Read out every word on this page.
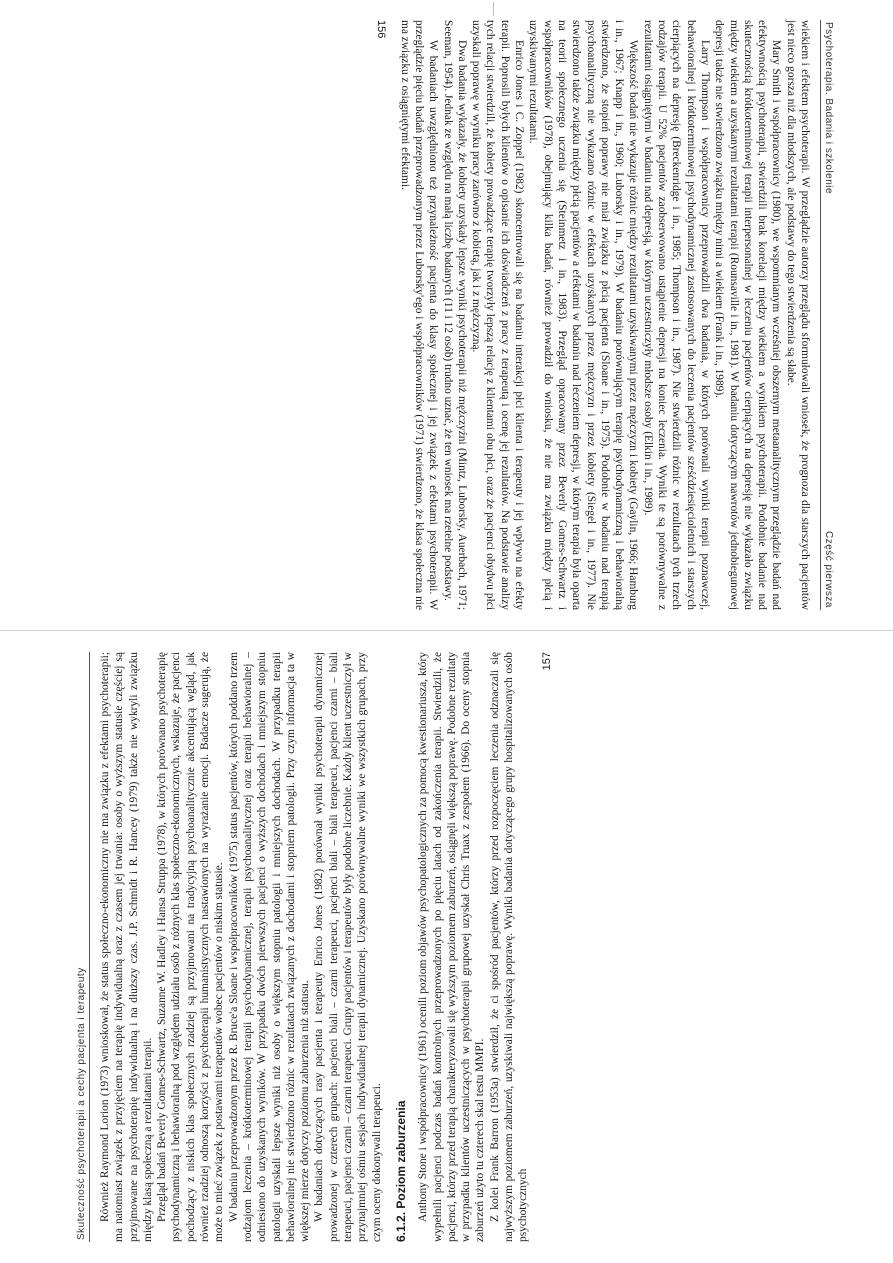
Psychoterapia. Badania i szkolenie
Część pierwsza

wiekiem i efektem psychoterapii. W przeglądzie autorzy przeglądu sformułowali wniosek, że prognoza dla starszych pacjentów jest nieco gorsza niż dla młodszych, ale podstawy do tego stwierdzenia są słabe.

Mary Smith i współpracownicy (1980), we wspomnianym wcześniej obszernym metaanalitycznym przeglądzie badań nad efektywnością psychoterapii, stwierdzili brak korelacji między wiekiem a wynikiem psychoterapii. Podobnie badanie nad skutecznością krótkoterminowej terapii interpersonalnej w leczeniu pacjentów cierpiących na depresję nie wykazało związku między wiekiem a uzyskanymi rezultatami terapii (Rounsaville i in., 1981). W badaniu dotyczącym nawrotów jednobiegunowej depresji także nie stwierdzono związku między nimi a wiekiem (Frank i in., 1989).

Larry Thompson i współpracownicy przeprowadzili dwa badania, w których porównali wyniki terapii poznawczej, behawioralnej i krótkoterminowej psychodynamicznej zastosowanych do leczenia pacjentów sześćdziesięcioletnich i starszych cierpiących na depresję (Breckenridge i in., 1985; Thompson i in., 1987). Nie stwierdzili różnic w rezultatach tych trzech rodzajów terapii. U 52% pacjentów zaobserwowano ustąpienie depresji na koniec leczenia. Wyniki te są porównywalne z rezultatami osiągniętymi w badaniu nad depresją, w którym uczestniczyły młodsze osoby (Elkin i in., 1989).

Większość badań nie wykazuje różnic między rezultatami uzyskiwanymi przez mężczyzn i kobiety (Gaylin, 1966; Hamburg i in., 1967; Knapp i in., 1960; Luborsky i in., 1979). W badaniu porównującym terapię psychodynamiczną i behawioralną stwierdzono, że stopień poprawy nie miał związku z płcią pacjenta (Sloane i in., 1975). Podobnie w badaniu nad terapią psychoanalityczną nie wykazano różnic w efektach uzyskanych przez mężczyzn i przez kobiety (Siegel i in., 1977). Nie stwierdzono także związku między płcią pacjentów a efektami w badaniu nad leczeniem depresji, w którym terapia była oparta na teorii społecznego uczenia się (Steinmetz i in., 1983). Przegląd opracowany przez Beverly Gomes-Schwartz i współpracowników (1978), obejmujący kilka badań, również prowadził do wniosku, że nie ma związku między płcią i uzyskiwanymi rezultatami.

Enrico Jones i C. Zoppel (1982) skoncentrowali się na badaniu interakcji płci klienta i terapeuty i jej wpływu na efekty terapii. Poprosili byłych klientów o opisanie ich doświadczeń z pracy z terapeutą i ocenę jej rezultatów. Na podstawie analizy tych relacji stwierdzili, że kobiety prowadzące terapię tworzyły lepszą relację z klientami obu płci, oraz że pacjenci obydwu płci uzyskali poprawę w wyniku pracy zarówno z kobietą, jak i z mężczyzną.

Dwa badania wykazały, że kobiety uzyskały lepsze wyniki psychoterapii niż mężczyźni (Mintz, Luborsky, Auerbach, 1971; Seeman, 1954). Jednak ze względu na małą liczbę badanych (11 i 12 osób) trudno uznać, że ten wniosek ma rzetelne podstawy.

W badaniach uwzględniono też przynależność pacjenta do klasy społecznej i jej związek z efektami psychoterapii. W przeglądzie pięciu badań przeprowadzonym przez Luborsky'ego i współpracowników (1971) stwierdzono, że klasa społeczna nie ma związku z osiągniętymi efektami.

156
Skuteczność psychoterapii a cechy pacjenta i terapeuty Również Raymond Lorion (1973) wnioskował, że status społeczno-ekonomiczny nie ma związku z efektami psychoterapii; ma natomiast związek z przyjęciem na terapię indywidualną oraz z czasem jej trwania: osoby o wyższym statusie częściej są przyjmowane na psychoterapię indywidualną i na dłuższy czas. J.P. Schmidt i R. Hancey (1979) także nie wykryli związku między klasą społeczną a rezultatami terapii. Przegląd badań Beverly Gomes-Schwartz, Suzanne W. Hadley i Hansa Struppa (1978), w których porównano psychoterapię psychodynamiczną i behawioralną pod względem udziału osób z różnych klas społeczno-ekonomicznych, wskazuje, że pacjenci pochodzący z niskich klas społecznych rzadziej są przyjmowani na tradycyjną psychoanalitycznie akcentującą wgląd, jak również rzadziej odnoszą korzyści z psychoterapii humanistycznych nastawionych na wyrażanie emocji. Badacze sugerują, że może to mieć związek z postawami terapeutów wobec pacjentów o niskim statusie. W badaniu przeprowadzonym przez R. Bruce'a Sloane i współpracowników (1975) status pacjentów, których poddano trzem rodzajom leczenia – krótkoterminowej terapii psychodynamicznej, terapii psychoanalitycznej oraz terapii behawioralnej – odniesiono do uzyskanych wyników. W przypadku dwóch pierwszych pacjenci o wyższych dochodach i mniejszym stopniu patologii uzyskali lepsze wyniki niż osoby o większym stopniu patologii i mniejszych dochodach. W przypadku terapii behawioralnej nie stwierdzono różnic w rezultatach związanych z dochodami i stopniem patologii. Przy czym informacja ta w większej mierze dotyczy poziomu zaburzenia niż statusu. W badaniach dotyczących rasy pacjenta i terapeuty Enrico Jones (1982) porównał wyniki psychoterapii dynamicznej prowadzonej w czterech grupach: pacjenci biali – czarni terapeuci, pacjenci biali – biali terapeuci, pacjenci czarni – biali terapeuci, pacjenci czarni – czarni terapeuci. Grupy pacjentów i terapeutów były podobne liczebnie. Każdy klient uczestniczył w przynajmniej ośmiu sesjach indywidualnej terapii dynamicznej. Uzyskano porównywalne wyniki we wszystkich grupach, przy czym oceny dokonywali terapeuci. 6.1.2. Poziom zaburzenia Anthony Stone i współpracownicy (1961) ocenili poziom objawów psychopatologicznych za pomocą kwestionariusza, który wypełnili pacjenci podczas badań kontrolnych przeprowadzonych po pięciu latach od zakończenia terapii. Stwierdzili, że pacjenci, którzy przed terapią charakteryzowali się wyższym poziomem zaburzeń, osiągnęli większą poprawę. Podobne rezultaty w przypadku klientów uczestniczących w psychoterapii grupowej uzyskał Chris Truax z zespołem (1966). Do oceny stopnia zaburzeń użyto tu czterech skal testu MMPI. Z kolei Frank Barron (1953a) stwierdził, że ci spośród pacjentów, którzy przed rozpoczęciem leczenia odznaczali się najwyższym poziomem zaburzeń, uzyskiwali największą poprawę. Wyniki badania dotyczącego grupy hospitalizowanych osób psychotycznych

157
